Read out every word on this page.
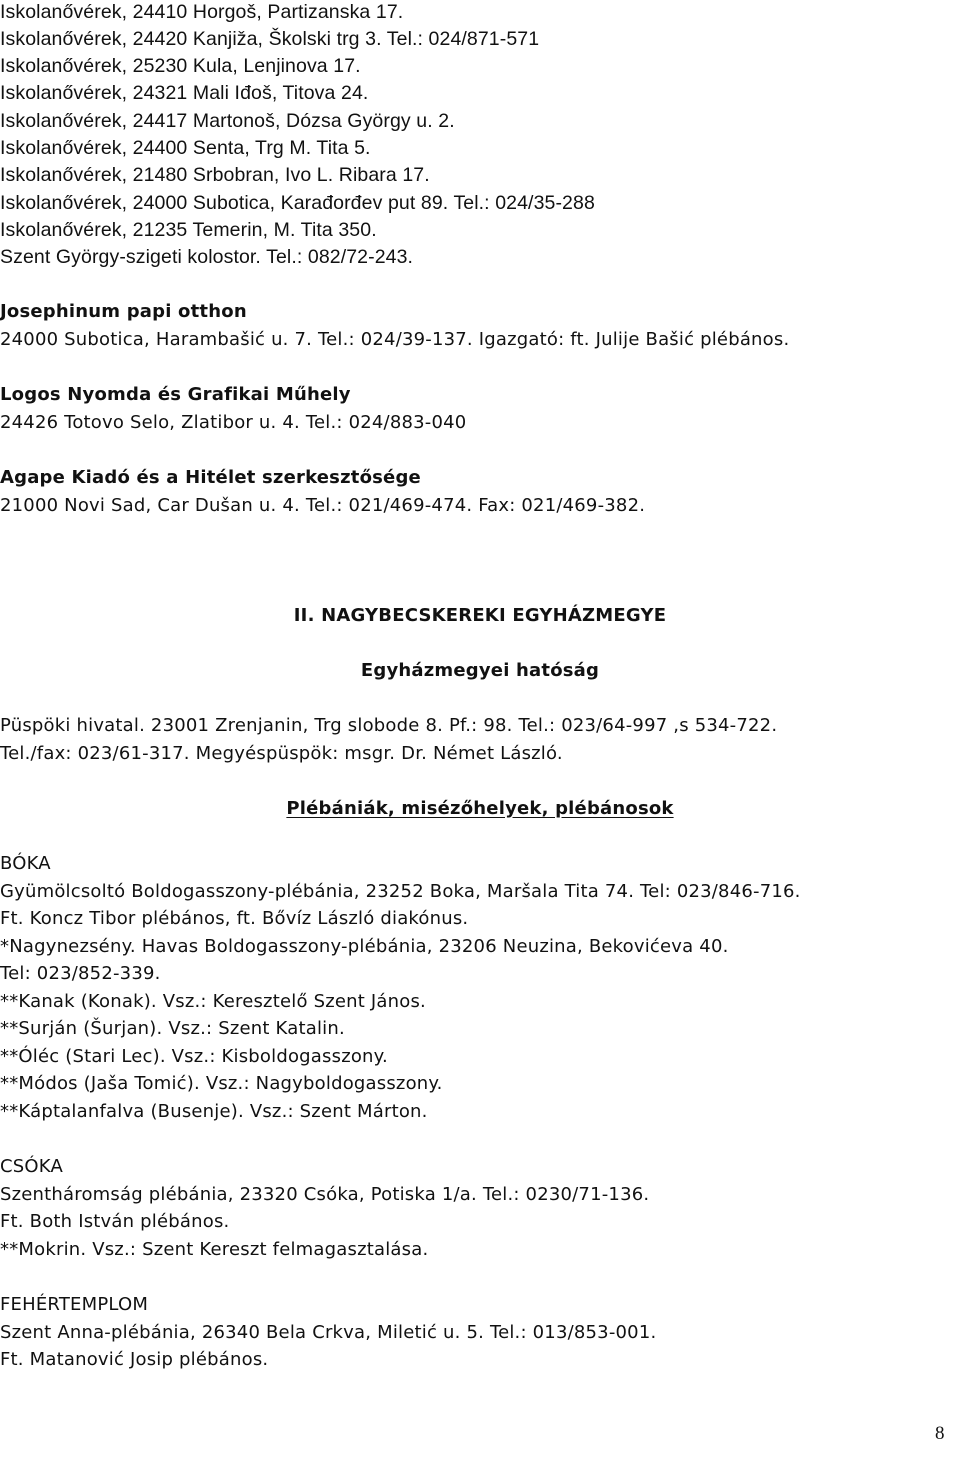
Iskolanővérek, 24410 Horgoš, Partizanska 17.
Iskolanővérek, 24420 Kanjiža, Školski trg 3. Tel.: 024/871-571
Iskolanővérek, 25230 Kula, Lenjinova 17.
Iskolanővérek, 24321 Mali Iđoš, Titova 24.
Iskolanővérek, 24417 Martonoš, Dózsa György u. 2.
Iskolanővérek, 24400 Senta, Trg M. Tita 5.
Iskolanővérek, 21480 Srbobran, Ivo L. Ribara 17.
Iskolanővérek, 24000 Subotica, Karađorđev put 89. Tel.: 024/35-288
Iskolanővérek, 21235 Temerin, M. Tita 350.
Szent György-szigeti kolostor. Tel.: 082/72-243.
Josephinum papi otthon
24000 Subotica, Harambašić u. 7. Tel.: 024/39-137. Igazgató: ft. Julije Bašić plébános.
Logos Nyomda és Grafikai Műhely
24426 Totovo Selo, Zlatibor u. 4. Tel.: 024/883-040
Agape Kiadó és a Hitélet szerkesztősége
21000 Novi Sad, Car Dušan u. 4. Tel.: 021/469-474. Fax: 021/469-382.
II. NAGYBECSKEREKI EGYHÁZMEGYE
Egyházmegyei hatóság
Püspöki hivatal. 23001 Zrenjanin, Trg slobode 8. Pf.: 98. Tel.: 023/64-997 ,s 534-722.
Tel./fax: 023/61-317. Megyéspüspök: msgr. Dr. Német László.
Plébániák, misézőhelyek, plébánosok
BÓKA
Gyümölcsoltó Boldogasszony-plébánia, 23252 Boka, Maršala Tita 74. Tel: 023/846-716.
Ft. Koncz Tibor plébános, ft. Bővíz László diakónus.
*Nagynezsény. Havas Boldogasszony-plébánia, 23206 Neuzina, Bekovićeva 40.
Tel: 023/852-339.
**Kanak (Konak). Vsz.: Keresztelő Szent János.
**Surján (Šurjan). Vsz.: Szent Katalin.
**Óléc (Stari Lec). Vsz.: Kisboldogasszony.
**Módos (Jaša Tomić). Vsz.: Nagyboldogasszony.
**Káptalanfalva (Busenje). Vsz.: Szent Márton.
CSÓKA
Szentháromság plébánia, 23320 Csóka, Potiska 1/a. Tel.: 0230/71-136.
Ft. Both István plébános.
**Mokrin. Vsz.: Szent Kereszt felmagasztalása.
FEHÉRTEMPLOM
Szent Anna-plébánia, 26340 Bela Crkva, Miletić u. 5. Tel.: 013/853-001.
Ft. Matanović Josip plébános.
8
